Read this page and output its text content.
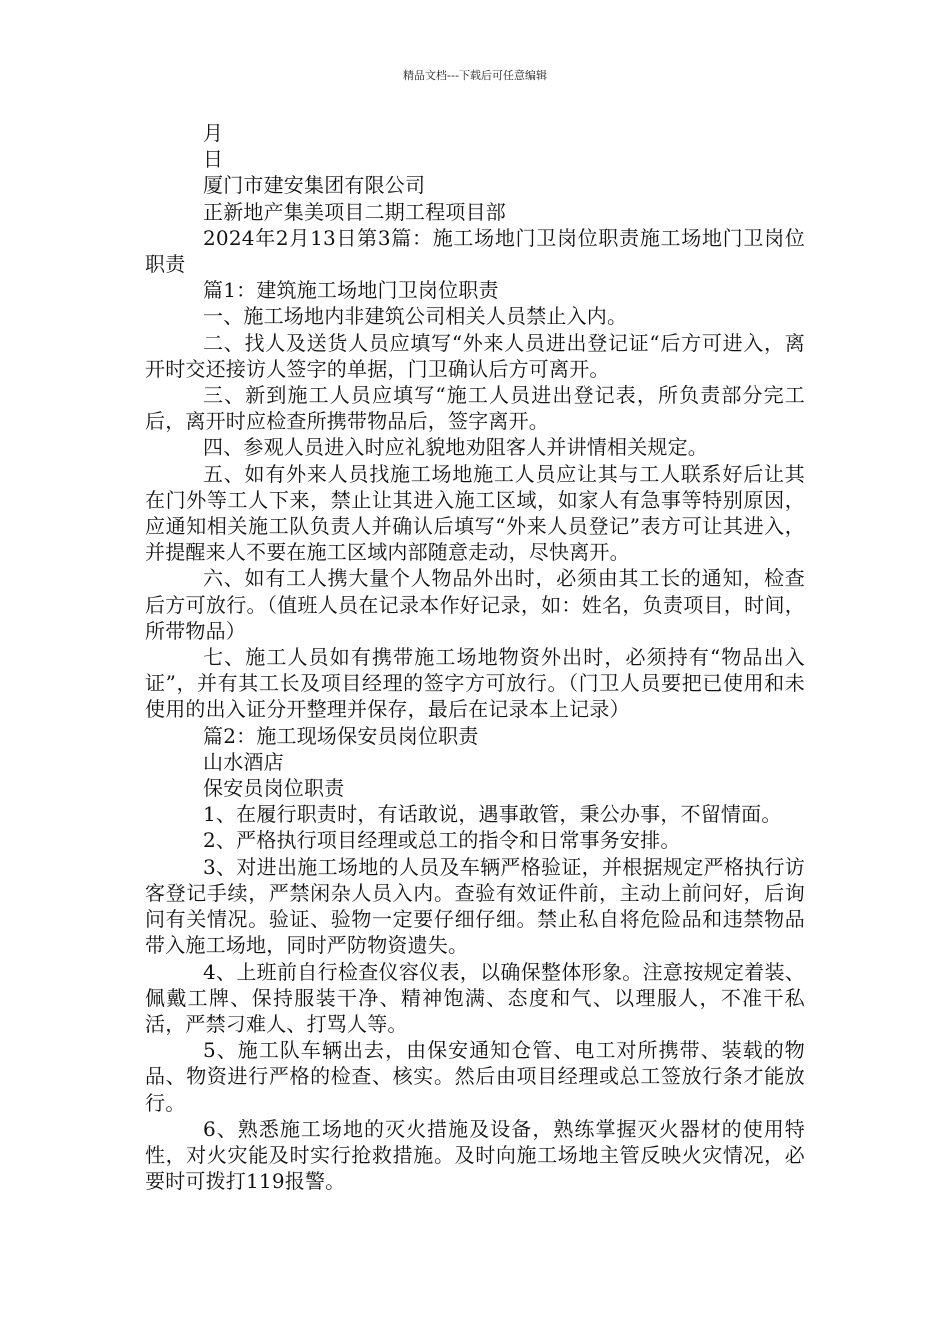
精品文档---下载后可任意编辑

月

日

厦门市建安集团有限公司

正新地产集美项目二期工程项目部

2024年2月13日第3篇：施工场地门卫岗位职责施工场地门卫岗位职责

篇1：建筑施工场地门卫岗位职责

一、施工场地内非建筑公司相关人员禁止入内。

二、找人及送货人员应填写“外来人员进出登记证“后方可进入，离开时交还接访人签字的单据，门卫确认后方可离开。

三、新到施工人员应填写“施工人员进出登记表，所负责部分完工后，离开时应检查所携带物品后，签字离开。

四、参观人员进入时应礼貌地劝阻客人并讲情相关规定。

五、如有外来人员找施工场地施工人员应让其与工人联系好后让其在门外等工人下来，禁止让其进入施工区域，如家人有急事等特别原因，应通知相关施工队负责人并确认后填写“外来人员登记”表方可让其进入，并提醒来人不要在施工区域内部随意走动，尽快离开。

六、如有工人携大量个人物品外出时，必须由其工长的通知，检查后方可放行。（值班人员在记录本作好记录，如：姓名，负责项目，时间，所带物品）

七、施工人员如有携带施工场地物资外出时，必须持有“物品出入证”，并有其工长及项目经理的签字方可放行。（门卫人员要把已使用和未使用的出入证分开整理并保存，最后在记录本上记录）

篇2：施工现场保安员岗位职责

山水酒店

保安员岗位职责

1、在履行职责时，有话敢说，遇事敢管，秉公办事，不留情面。

2、严格执行项目经理或总工的指令和日常事务安排。

3、对进出施工场地的人员及车辆严格验证，并根据规定严格执行访客登记手续，严禁闲杂人员入内。查验有效证件前，主动上前问好，后询问有关情况。验证、验物一定要仔细仔细。禁止私自将危险品和违禁物品带入施工场地，同时严防物资遗失。

4、上班前自行检查仪容仪表，以确保整体形象。注意按规定着装、佩戴工牌、保持服装干净、精神饱满、态度和气、以理服人，不准干私活，严禁刁难人、打骂人等。

5、施工队车辆出去，由保安通知仓管、电工对所携带、装载的物品、物资进行严格的检查、核实。然后由项目经理或总工签放行条才能放行。

6、熟悉施工场地的灭火措施及设备，熟练掌握灭火器材的使用特性，对火灾能及时实行抢救措施。及时向施工场地主管反映火灾情况，必要时可拨打119报警。
